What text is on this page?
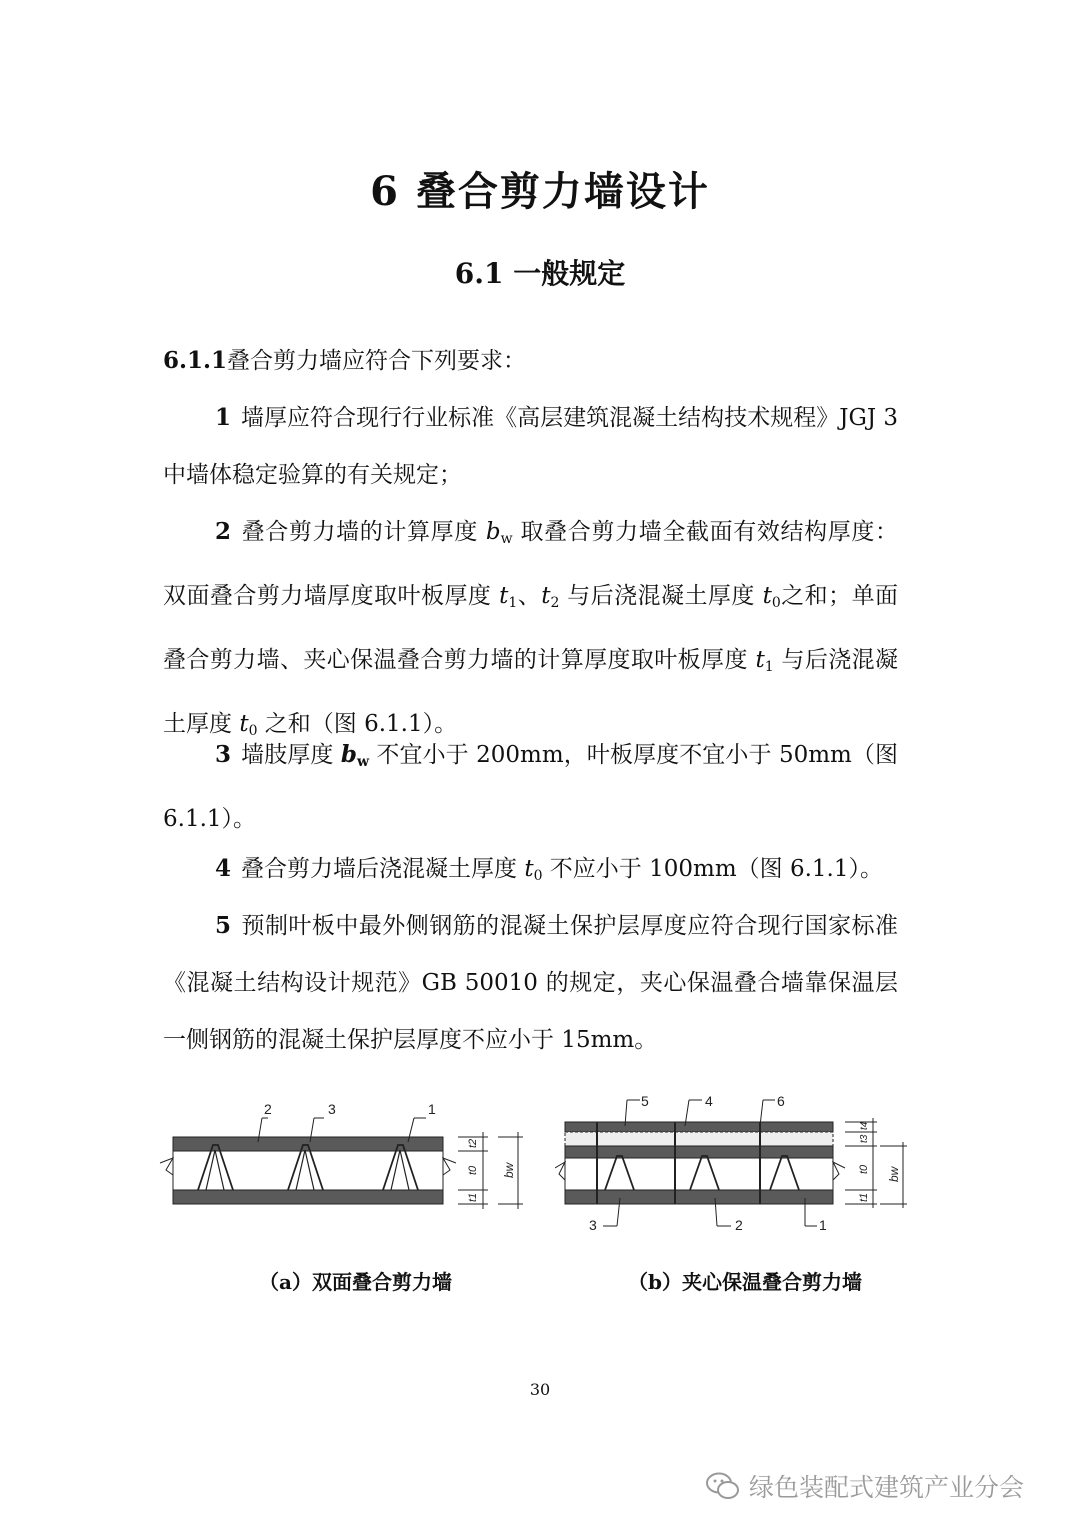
6 叠合剪力墙设计
6.1 一般规定
6.1.1叠合剪力墙应符合下列要求：
1 墙厚应符合现行行业标准《高层建筑混凝土结构技术规程》JGJ 3 中墙体稳定验算的有关规定；
2 叠合剪力墙的计算厚度 $b_w$ 取叠合剪力墙全截面有效结构厚度：双面叠合剪力墙厚度取叶板厚度 $t_1$、$t_2$ 与后浇混凝土厚度 $t_0$之和；单面叠合剪力墙、夹心保温叠合剪力墙的计算厚度取叶板厚度 $t_1$ 与后浇混凝土厚度 $t_0$ 之和（图 6.1.1）。
3 墙肢厚度 $b_w$ 不宜小于 200mm，叶板厚度不宜小于 50mm（图 6.1.1）。
4 叠合剪力墙后浇混凝土厚度 $t_0$ 不应小于 100mm（图 6.1.1）。
5 预制叶板中最外侧钢筋的混凝土保护层厚度应符合现行国家标准《混凝土结构设计规范》GB 50010 的规定，夹心保温叠合墙靠保温层一侧钢筋的混凝土保护层厚度不应小于 15mm。
2	3	1
t2
t0
t1
bw
5	4	6
3	2	1
t4
t3
t0
t1
bw
（a）双面叠合剪力墙	（b）夹心保温叠合剪力墙
30
绿色装配式建筑产业分会
